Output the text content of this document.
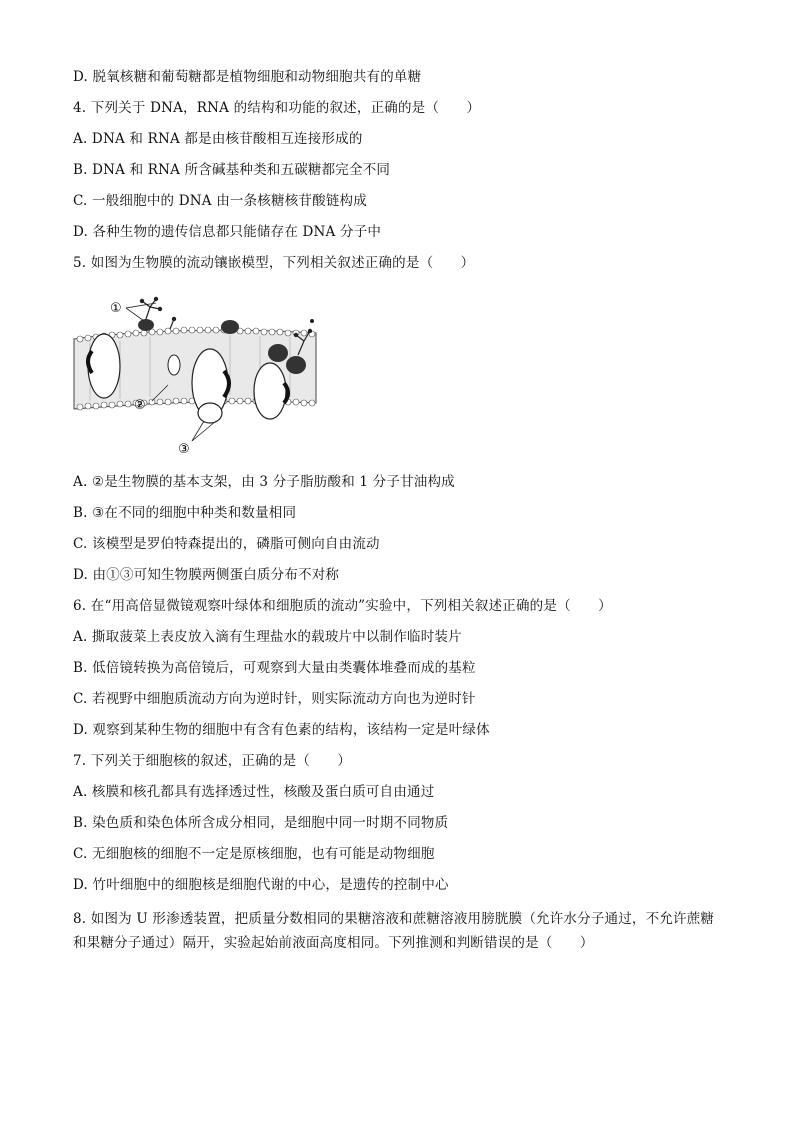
D. 脱氧核糖和葡萄糖都是植物细胞和动物细胞共有的单糖
4. 下列关于 DNA，RNA 的结构和功能的叙述，正确的是（　　）
A. DNA 和 RNA 都是由核苷酸相互连接形成的
B. DNA 和 RNA 所含碱基种类和五碳糖都完全不同
C. 一般细胞中的 DNA 由一条核糖核苷酸链构成
D. 各种生物的遗传信息都只能储存在 DNA 分子中
5. 如图为生物膜的流动镶嵌模型，下列相关叙述正确的是（　　）
①
②
③
A. ②是生物膜的基本支架，由 3 分子脂肪酸和 1 分子甘油构成
B. ③在不同的细胞中种类和数量相同
C. 该模型是罗伯特森提出的，磷脂可侧向自由流动
D. 由①③可知生物膜两侧蛋白质分布不对称
6. 在“用高倍显微镜观察叶绿体和细胞质的流动”实验中，下列相关叙述正确的是（　　）
A. 撕取菠菜上表皮放入滴有生理盐水的载玻片中以制作临时装片
B. 低倍镜转换为高倍镜后，可观察到大量由类囊体堆叠而成的基粒
C. 若视野中细胞质流动方向为逆时针，则实际流动方向也为逆时针
D. 观察到某种生物的细胞中有含有色素的结构，该结构一定是叶绿体
7. 下列关于细胞核的叙述，正确的是（　　）
A. 核膜和核孔都具有选择透过性，核酸及蛋白质可自由通过
B. 染色质和染色体所含成分相同，是细胞中同一时期不同物质
C. 无细胞核的细胞不一定是原核细胞，也有可能是动物细胞
D. 竹叶细胞中的细胞核是细胞代谢的中心，是遗传的控制中心
8. 如图为 U 形渗透装置，把质量分数相同的果糖溶液和蔗糖溶液用膀胱膜（允许水分子通过，不允许蔗糖和果糖分子通过）隔开，实验起始前液面高度相同。下列推测和判断错误的是（　　）
